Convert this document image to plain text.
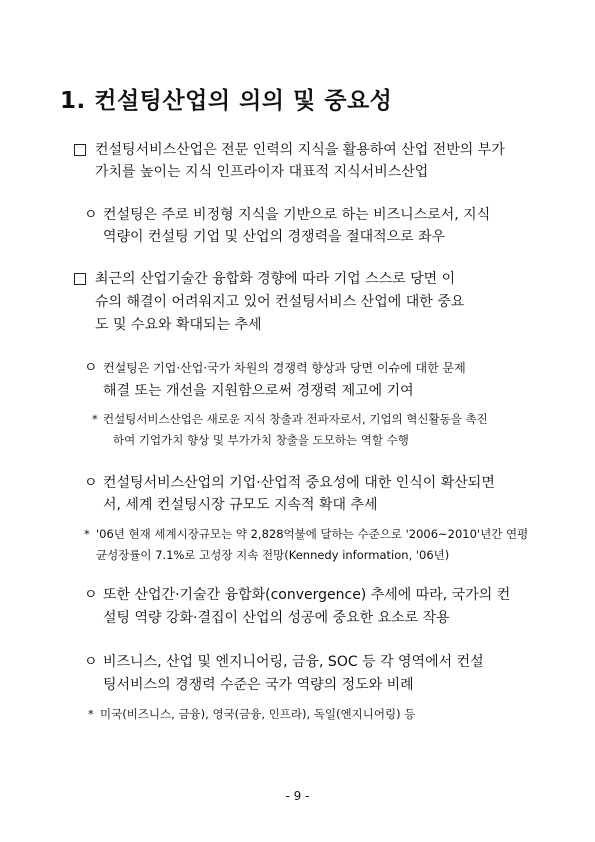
1. 컨설팅산업의 의의 및 중요성
컨설팅서비스산업은 전문 인력의 지식을 활용하여 산업 전반의 부가
가치를 높이는 지식 인프라이자 대표적 지식서비스산업
ㅇ 컨설팅은 주로 비정형 지식을 기반으로 하는 비즈니스로서, 지식
역량이 컨설팅 기업 및 산업의 경쟁력을 절대적으로 좌우
최근의 산업기술간 융합화 경향에 따라 기업 스스로 당면 이
슈의 해결이 어려워지고 있어 컨설팅서비스 산업에 대한 중요
도 및 수요와 확대되는 추세
ㅇ 컨설팅은 기업·산업·국가 차원의 경쟁력 향상과 당면 이슈에 대한 문제
해결 또는 개선을 지원함으로써 경쟁력 제고에 기여
* 컨설팅서비스산업은 새로운 지식 창출과 전파자로서, 기업의 혁신활동을 촉진
하여 기업가치 향상 및 부가가치 창출을 도모하는 역할 수행
ㅇ 컨설팅서비스산업의 기업·산업적 중요성에 대한 인식이 확산되면
서, 세계 컨설팅시장 규모도 지속적 확대 추세
* '06년 현재 세계시장규모는 약 2,828억불에 달하는 수준으로 '2006~2010'년간 연평
균성장률이 7.1%로 고성장 지속 전망(Kennedy information, '06년)
ㅇ 또한 산업간·기술간 융합화(convergence) 추세에 따라, 국가의 컨
설팅 역량 강화·결집이 산업의 성공에 중요한 요소로 작용
ㅇ 비즈니스, 산업 및 엔지니어링, 금융, SOC 등 각 영역에서 컨설
팅서비스의 경쟁력 수준은 국가 역량의 정도와 비례
* 미국(비즈니스, 금융), 영국(금융, 인프라), 독일(엔지니어링) 등
- 9 -
